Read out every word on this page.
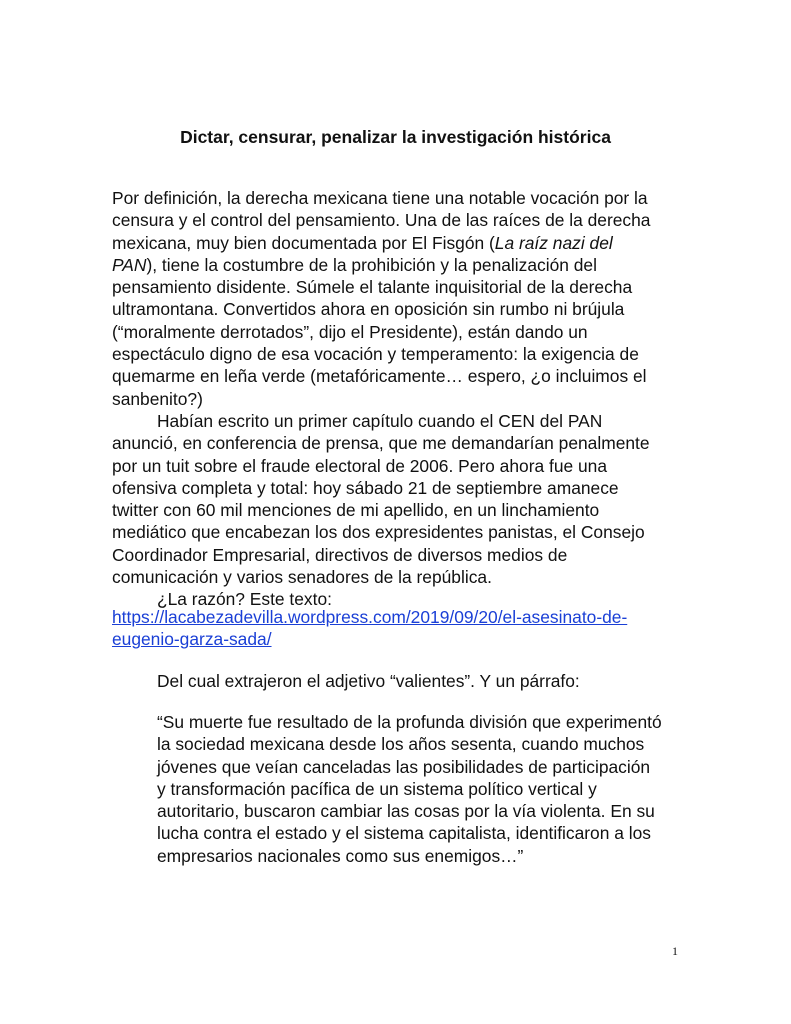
Dictar, censurar, penalizar la investigación histórica
Por definición, la derecha mexicana tiene una notable vocación por la
censura y el control del pensamiento. Una de las raíces de la derecha
mexicana, muy bien documentada por El Fisgón (La raíz nazi del
PAN), tiene la costumbre de la prohibición y la penalización del
pensamiento disidente. Súmele el talante inquisitorial de la derecha
ultramontana. Convertidos ahora en oposición sin rumbo ni brújula
(“moralmente derrotados”, dijo el Presidente), están dando un
espectáculo digno de esa vocación y temperamento: la exigencia de
quemarme en leña verde (metafóricamente… espero, ¿o incluimos el
sanbenito?)
Habían escrito un primer capítulo cuando el CEN del PAN
anunció, en conferencia de prensa, que me demandarían penalmente
por un tuit sobre el fraude electoral de 2006. Pero ahora fue una
ofensiva completa y total: hoy sábado 21 de septiembre amanece
twitter con 60 mil menciones de mi apellido, en un linchamiento
mediático que encabezan los dos expresidentes panistas, el Consejo
Coordinador Empresarial, directivos de diversos medios de
comunicación y varios senadores de la república.
¿La razón? Este texto:
https://lacabezadevilla.wordpress.com/2019/09/20/el-asesinato-de-
eugenio-garza-sada/
Del cual extrajeron el adjetivo “valientes”. Y un párrafo:
“Su muerte fue resultado de la profunda división que experimentó
la sociedad mexicana desde los años sesenta, cuando muchos
jóvenes que veían canceladas las posibilidades de participación
y transformación pacífica de un sistema político vertical y
autoritario, buscaron cambiar las cosas por la vía violenta. En su
lucha contra el estado y el sistema capitalista, identificaron a los
empresarios nacionales como sus enemigos…”
1
